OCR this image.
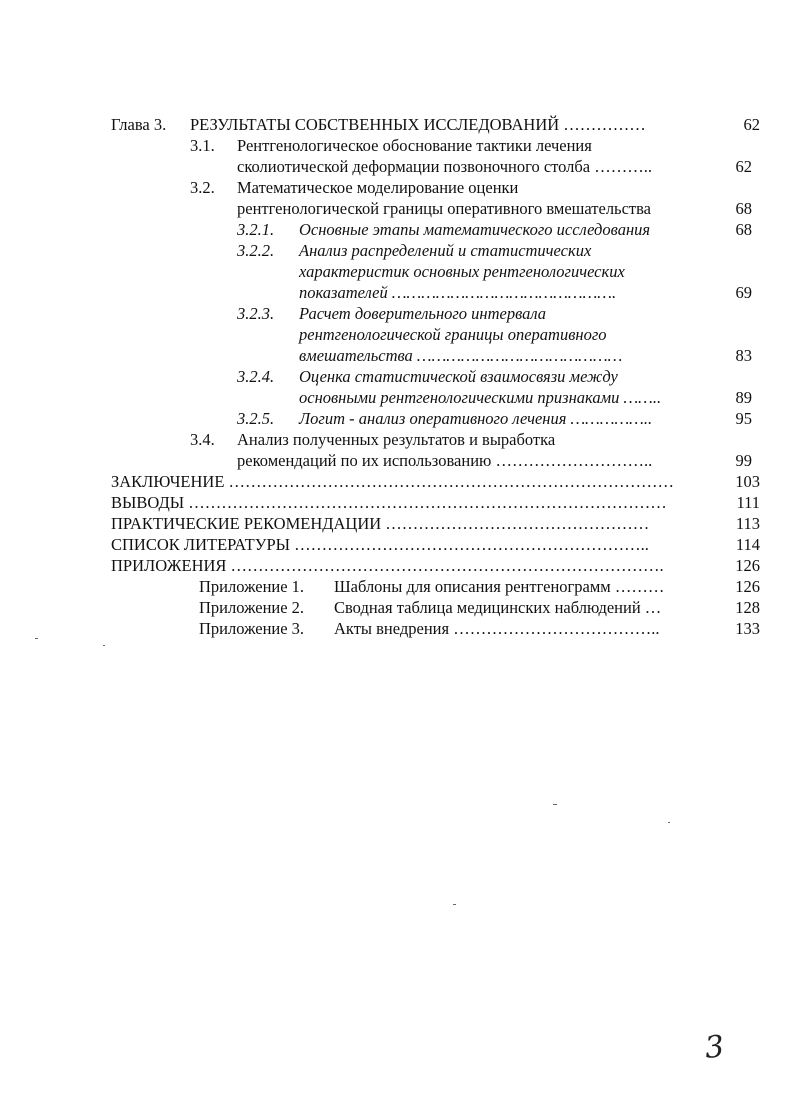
Глава 3. РЕЗУЛЬТАТЫ СОБСТВЕННЫХ ИССЛЕДОВАНИЙ ……………	62
3.1. Рентгенологическое обоснование тактики лечения
сколиотической деформации позвоночного столба ………..	62
3.2. Математическое моделирование оценки
рентгенологической границы оперативного вмешательства	68
3.2.1. Основные этапы математического исследования	68
3.2.2. Анализ распределений и статистических
характеристик основных рентгенологических
показателей ……………………………………….	69
3.2.3. Расчет доверительного интервала
рентгенологической границы оперативного
вмешательства ……………………………………	83
3.2.4. Оценка статистической взаимосвязи между
основными рентгенологическими признаками ……..	89
3.2.5. Логит - анализ оперативного лечения ……………..	95
3.4. Анализ полученных результатов и выработка
рекомендаций по их использованию ………………………..	99
ЗАКЛЮЧЕНИЕ ………………………………………………………………………	103
ВЫВОДЫ ……………………………………………………………………………	111
ПРАКТИЧЕСКИЕ РЕКОМЕНДАЦИИ …………………………………………	113
СПИСОК ЛИТЕРАТУРЫ ………………………………………………………..	114
ПРИЛОЖЕНИЯ …………………………………………………………………….	126
Приложение 1. Шаблоны для описания рентгенограмм ………	126
Приложение 2. Сводная таблица медицинских наблюдений …	128
Приложение 3. Акты внедрения ………………………………..	133
3
